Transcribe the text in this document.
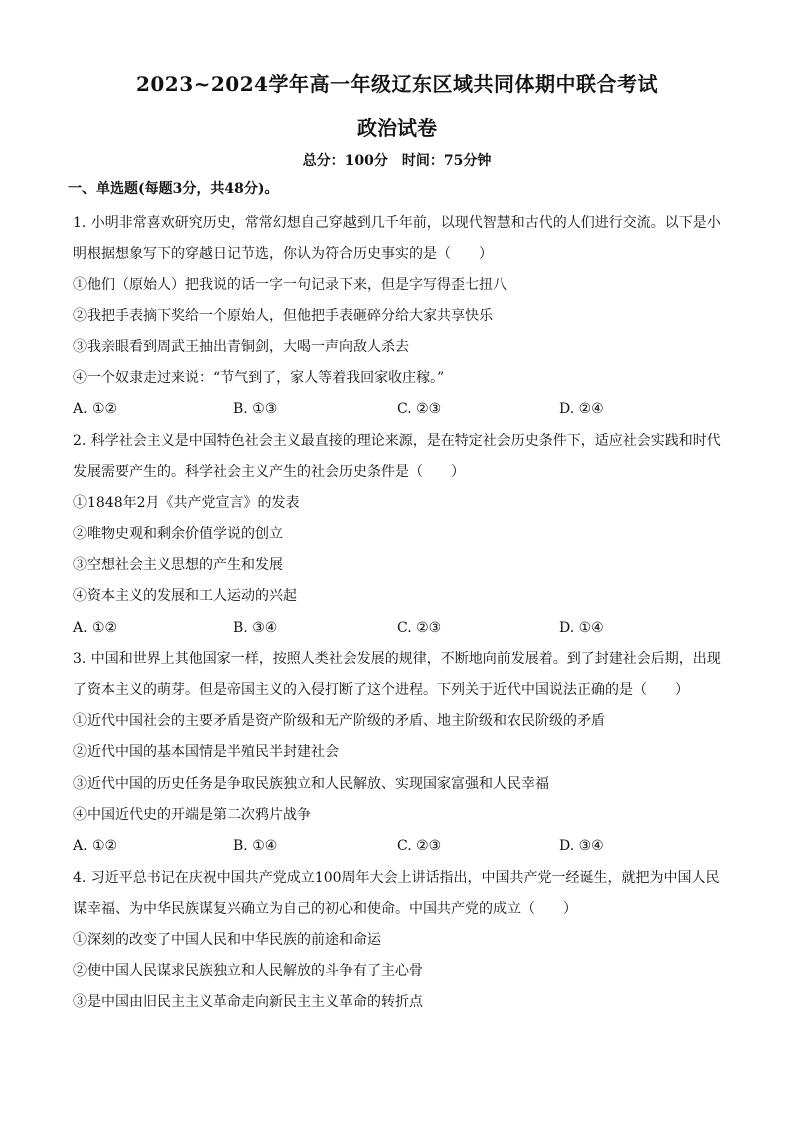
2023~2024学年高一年级辽东区域共同体期中联合考试
政治试卷
总分：100分　时间：75分钟
一、单选题(每题3分，共48分)。
1. 小明非常喜欢研究历史，常常幻想自己穿越到几千年前，以现代智慧和古代的人们进行交流。以下是小
明根据想象写下的穿越日记节选，你认为符合历史事实的是（　　）
①他们（原始人）把我说的话一字一句记录下来，但是字写得歪七扭八
②我把手表摘下奖给一个原始人，但他把手表砸碎分给大家共享快乐
③我亲眼看到周武王抽出青铜剑，大喝一声向敌人杀去
④一个奴隶走过来说：“节气到了，家人等着我回家收庄稼。”
A. ①②	B. ①③	C. ②③	D. ②④
2. 科学社会主义是中国特色社会主义最直接的理论来源，是在特定社会历史条件下，适应社会实践和时代
发展需要产生的。科学社会主义产生的社会历史条件是（　　）
①1848年2月《共产党宣言》的发表
②唯物史观和剩余价值学说的创立
③空想社会主义思想的产生和发展
④资本主义的发展和工人运动的兴起
A. ①②	B. ③④	C. ②③	D. ①④
3. 中国和世界上其他国家一样，按照人类社会发展的规律，不断地向前发展着。到了封建社会后期，出现
了资本主义的萌芽。但是帝国主义的入侵打断了这个进程。下列关于近代中国说法正确的是（　　）
①近代中国社会的主要矛盾是资产阶级和无产阶级的矛盾、地主阶级和农民阶级的矛盾
②近代中国的基本国情是半殖民半封建社会
③近代中国的历史任务是争取民族独立和人民解放、实现国家富强和人民幸福
④中国近代史的开端是第二次鸦片战争
A. ①②	B. ①④	C. ②③	D. ③④
4. 习近平总书记在庆祝中国共产党成立100周年大会上讲话指出，中国共产党一经诞生，就把为中国人民
谋幸福、为中华民族谋复兴确立为自己的初心和使命。中国共产党的成立（　　）
①深刻的改变了中国人民和中华民族的前途和命运
②使中国人民谋求民族独立和人民解放的斗争有了主心骨
③是中国由旧民主主义革命走向新民主主义革命的转折点
